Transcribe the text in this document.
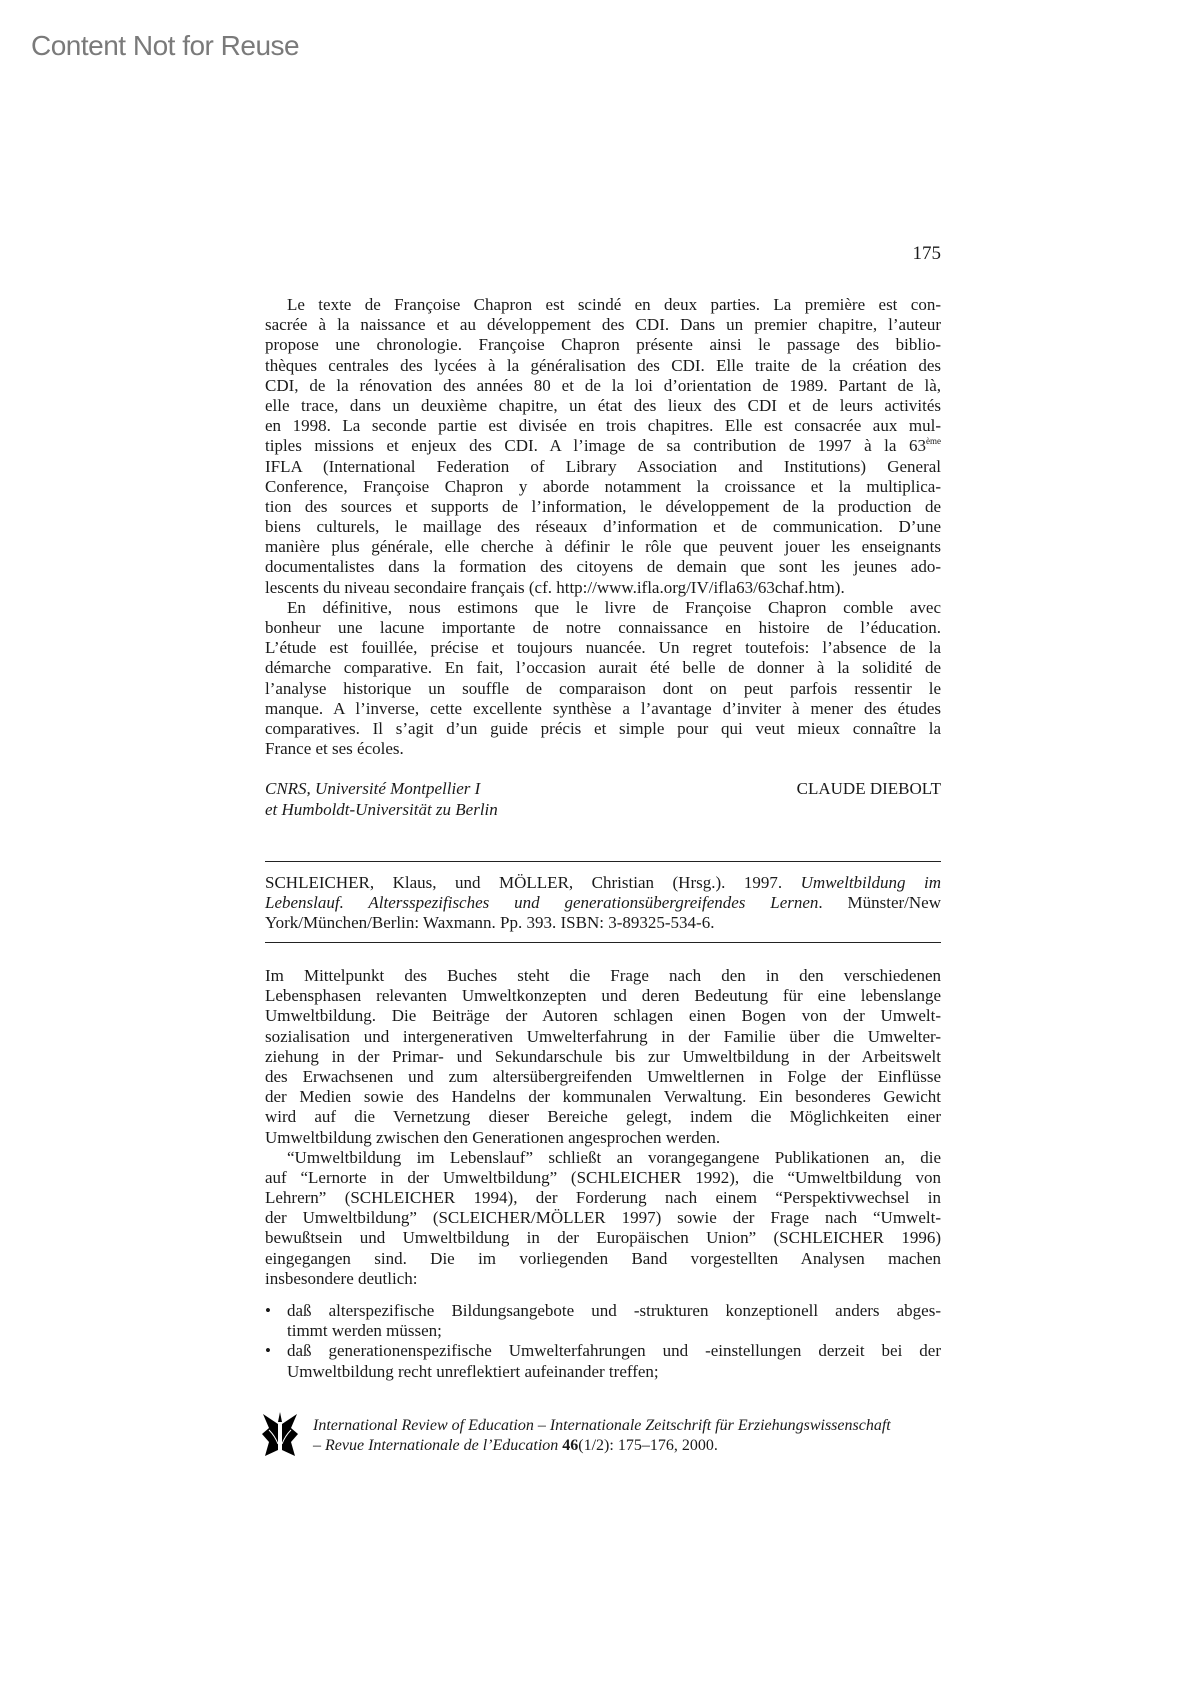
Content Not for Reuse
175
Le texte de Françoise Chapron est scindé en deux parties. La première est con-
sacrée à la naissance et au développement des CDI. Dans un premier chapitre, l’auteur
propose une chronologie. Françoise Chapron présente ainsi le passage des biblio-
thèques centrales des lycées à la généralisation des CDI. Elle traite de la création des
CDI, de la rénovation des années 80 et de la loi d’orientation de 1989. Partant de là,
elle trace, dans un deuxième chapitre, un état des lieux des CDI et de leurs activités
en 1998. La seconde partie est divisée en trois chapitres. Elle est consacrée aux mul-
tiples missions et enjeux des CDI. A l’image de sa contribution de 1997 à la 63ème
IFLA (International Federation of Library Association and Institutions) General
Conference, Françoise Chapron y aborde notamment la croissance et la multiplica-
tion des sources et supports de l’information, le développement de la production de
biens culturels, le maillage des réseaux d’information et de communication. D’une
manière plus générale, elle cherche à définir le rôle que peuvent jouer les enseignants
documentalistes dans la formation des citoyens de demain que sont les jeunes ado-
lescents du niveau secondaire français (cf. http://www.ifla.org/IV/ifla63/63chaf.htm).
En définitive, nous estimons que le livre de Françoise Chapron comble avec
bonheur une lacune importante de notre connaissance en histoire de l’éducation.
L’étude est fouillée, précise et toujours nuancée. Un regret toutefois: l’absence de la
démarche comparative. En fait, l’occasion aurait été belle de donner à la solidité de
l’analyse historique un souffle de comparaison dont on peut parfois ressentir le
manque. A l’inverse, cette excellente synthèse a l’avantage d’inviter à mener des études
comparatives. Il s’agit d’un guide précis et simple pour qui veut mieux connaître la
France et ses écoles.
CNRS, Université Montpellier I
et Humboldt-Universität zu Berlin
CLAUDE DIEBOLT
SCHLEICHER, Klaus, und MÖLLER, Christian (Hrsg.). 1997. Umweltbildung im
Lebenslauf. Altersspezifisches und generationsübergreifendes Lernen. Münster/New
York/München/Berlin: Waxmann. Pp. 393. ISBN: 3-89325-534-6.
Im Mittelpunkt des Buches steht die Frage nach den in den verschiedenen
Lebensphasen relevanten Umweltkonzepten und deren Bedeutung für eine lebenslange
Umweltbildung. Die Beiträge der Autoren schlagen einen Bogen von der Umwelt-
sozialisation und intergenerativen Umwelterfahrung in der Familie über die Umwelter-
ziehung in der Primar- und Sekundarschule bis zur Umweltbildung in der Arbeitswelt
des Erwachsenen und zum altersübergreifenden Umweltlernen in Folge der Einflüsse
der Medien sowie des Handelns der kommunalen Verwaltung. Ein besonderes Gewicht
wird auf die Vernetzung dieser Bereiche gelegt, indem die Möglichkeiten einer
Umweltbildung zwischen den Generationen angesprochen werden.
“Umweltbildung im Lebenslauf” schließt an vorangegangene Publikationen an, die
auf “Lernorte in der Umweltbildung” (SCHLEICHER 1992), die “Umweltbildung von
Lehrern” (SCHLEICHER 1994), der Forderung nach einem “Perspektivwechsel in
der Umweltbildung” (SCLEICHER/MÖLLER 1997) sowie der Frage nach “Umwelt-
bewußtsein und Umweltbildung in der Europäischen Union” (SCHLEICHER 1996)
eingegangen sind. Die im vorliegenden Band vorgestellten Analysen machen
insbesondere deutlich:
• daß alterspezifische Bildungsangebote und -strukturen konzeptionell anders abges-
timmt werden müssen;
• daß generationenspezifische Umwelterfahrungen und -einstellungen derzeit bei der
Umweltbildung recht unreflektiert aufeinander treffen;
International Review of Education – Internationale Zeitschrift für Erziehungswissenschaft
– Revue Internationale de l’Education 46(1/2): 175–176, 2000.
